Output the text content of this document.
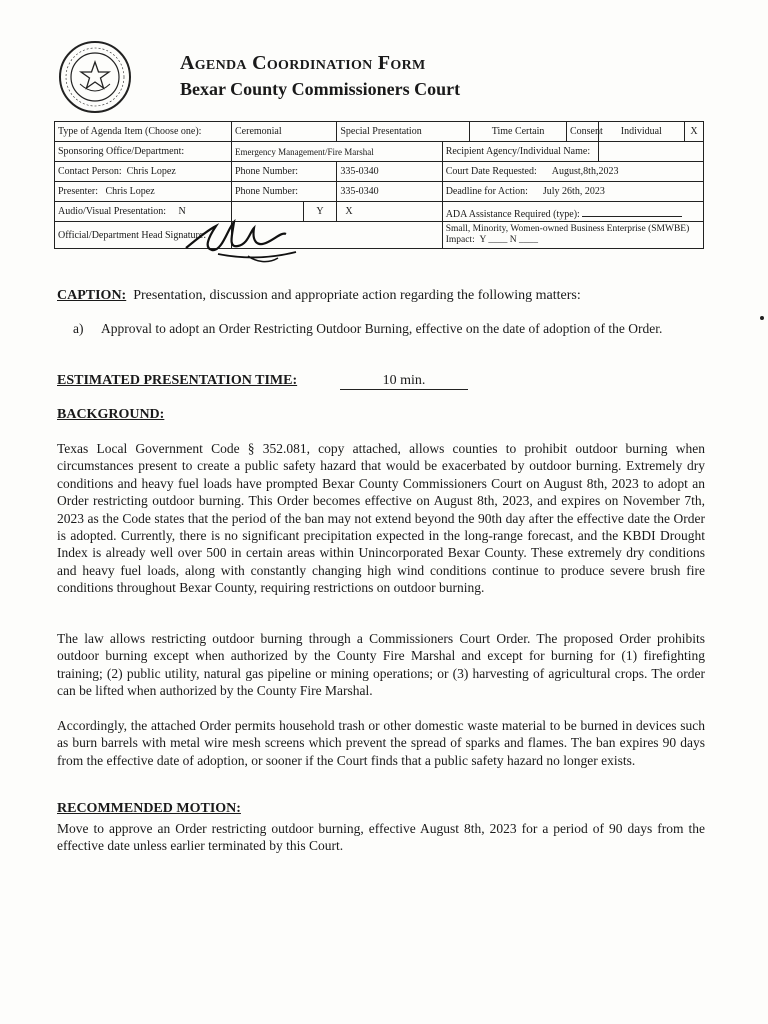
Agenda Coordination Form
Bexar County Commissioners Court
Type of Agenda Item (Choose one):	Ceremonial		Special Presentation		Time Certain	Consent	Individual	X
Sponsoring Office/Department:	Emergency Management/Fire Marshal			Recipient Agency/Individual Name:				
Contact Person: Chris Lopez	Phone Number:		335-0340	Court Date Requested: August,8th,2023				
Presenter: Chris Lopez	Phone Number:		335-0340	Deadline for Action: July 26th, 2023				
Audio/Visual Presentation: N		Y	X	ADA Assistance Required (type):				
Official/Department Head Signature:				Small, Minority, Women-owned Business Enterprise (SMWBE) Impact: Y ____ N ____				
CAPTION: Presentation, discussion and appropriate action regarding the following matters:
a) Approval to adopt an Order Restricting Outdoor Burning, effective on the date of adoption of the Order.
ESTIMATED PRESENTATION TIME:	10 min.
BACKGROUND:
Texas Local Government Code § 352.081, copy attached, allows counties to prohibit outdoor burning when circumstances present to create a public safety hazard that would be exacerbated by outdoor burning. Extremely dry conditions and heavy fuel loads have prompted Bexar County Commissioners Court on August 8th, 2023 to adopt an Order restricting outdoor burning. This Order becomes effective on August 8th, 2023, and expires on November 7th, 2023 as the Code states that the period of the ban may not extend beyond the 90th day after the effective date the Order is adopted. Currently, there is no significant precipitation expected in the long-range forecast, and the KBDI Drought Index is already well over 500 in certain areas within Unincorporated Bexar County. These extremely dry conditions and heavy fuel loads, along with constantly changing high wind conditions continue to produce severe brush fire conditions throughout Bexar County, requiring restrictions on outdoor burning.
The law allows restricting outdoor burning through a Commissioners Court Order. The proposed Order prohibits outdoor burning except when authorized by the County Fire Marshal and except for burning for (1) firefighting training; (2) public utility, natural gas pipeline or mining operations; or (3) harvesting of agricultural crops. The order can be lifted when authorized by the County Fire Marshal.
Accordingly, the attached Order permits household trash or other domestic waste material to be burned in devices such as burn barrels with metal wire mesh screens which prevent the spread of sparks and flames. The ban expires 90 days from the effective date of adoption, or sooner if the Court finds that a public safety hazard no longer exists.
RECOMMENDED MOTION:
Move to approve an Order restricting outdoor burning, effective August 8th, 2023 for a period of 90 days from the effective date unless earlier terminated by this Court.
